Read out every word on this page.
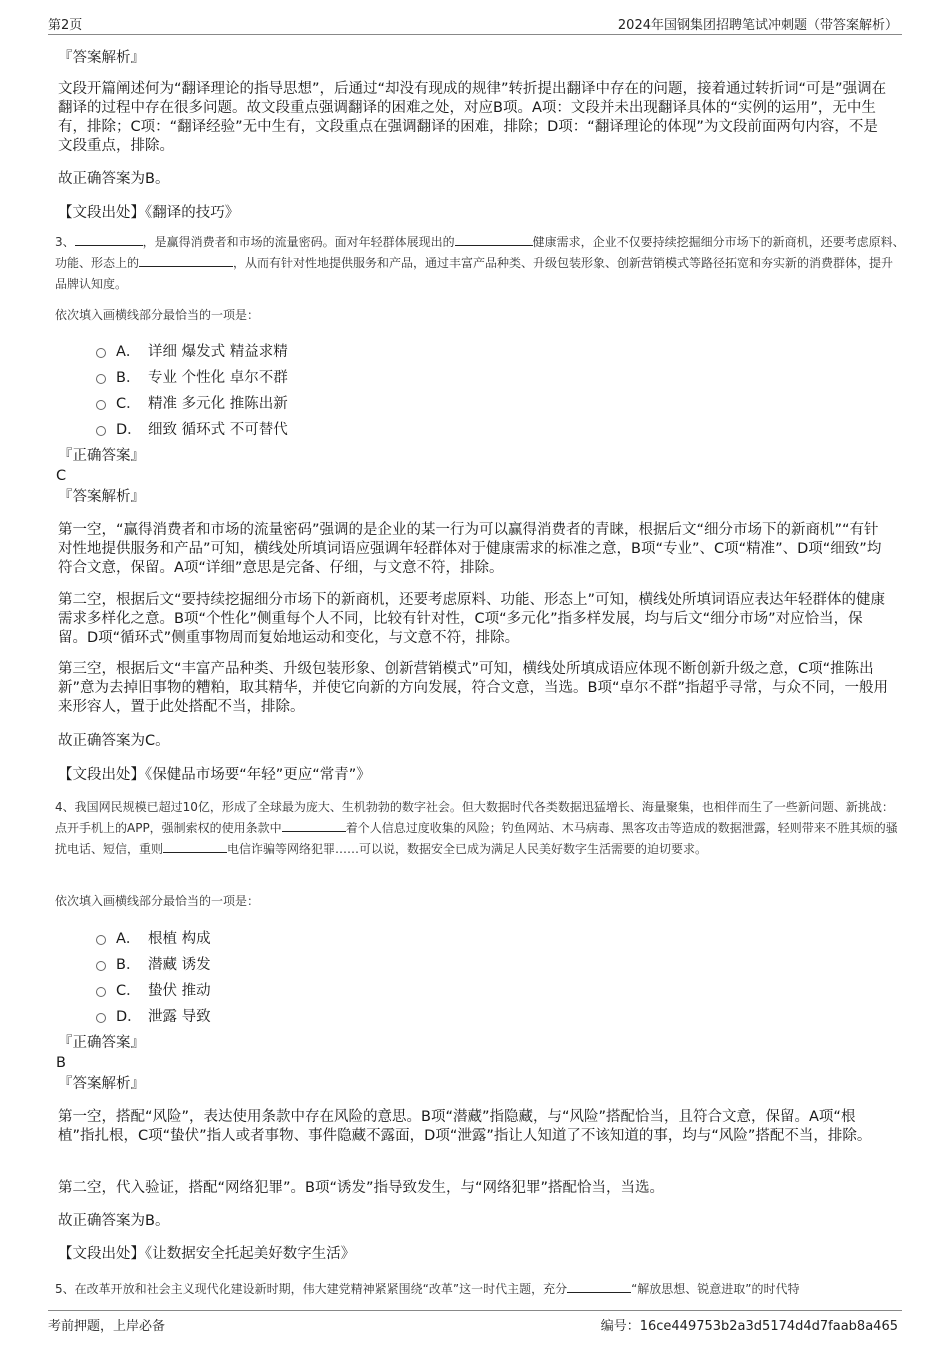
第2页	2024年国钢集团招聘笔试冲刺题（带答案解析）
『答案解析』
文段开篇阐述何为“翻译理论的指导思想”，后通过“却没有现成的规律”转折提出翻译中存在的问题，接着通过转折词“可是”强调在翻译的过程中存在很多问题。故文段重点强调翻译的困难之处，对应B项。A项：文段并未出现翻译具体的“实例的运用”，无中生有，排除；C项：“翻译经验”无中生有，文段重点在强调翻译的困难，排除；D项：“翻译理论的体现”为文段前面两句内容，不是文段重点，排除。
故正确答案为B。
【文段出处】《翻译的技巧》
3、	，是赢得消费者和市场的流量密码。面对年轻群体展现出的	健康需求，企业不仅要持续挖掘细分市场下的新商机，还要考虑原料、功能、形态上的	，从而有针对性地提供服务和产品，通过丰富产品种类、升级包装形象、创新营销模式等路径拓宽和夯实新的消费群体，提升品牌认知度。
依次填入画横线部分最恰当的一项是：
A． 详细 爆发式 精益求精
B． 专业 个性化 卓尔不群
C． 精准 多元化 推陈出新
D． 细致 循环式 不可替代
『正确答案』
C
『答案解析』
第一空，“赢得消费者和市场的流量密码”强调的是企业的某一行为可以赢得消费者的青睐，根据后文“细分市场下的新商机”“有针对性地提供服务和产品”可知，横线处所填词语应强调年轻群体对于健康需求的标准之意，B项“专业”、C项“精准”、D项“细致”均符合文意，保留。A项“详细”意思是完备、仔细，与文意不符，排除。
第二空，根据后文“要持续挖掘细分市场下的新商机，还要考虑原料、功能、形态上”可知，横线处所填词语应表达年轻群体的健康需求多样化之意。B项“个性化”侧重每个人不同，比较有针对性，C项“多元化”指多样发展，均与后文“细分市场”对应恰当，保留。D项“循环式”侧重事物周而复始地运动和变化，与文意不符，排除。
第三空，根据后文“丰富产品种类、升级包装形象、创新营销模式”可知，横线处所填成语应体现不断创新升级之意，C项“推陈出新”意为去掉旧事物的糟粕，取其精华，并使它向新的方向发展，符合文意，当选。B项“卓尔不群”指超乎寻常，与众不同，一般用来形容人，置于此处搭配不当，排除。
故正确答案为C。
【文段出处】《保健品市场要“年轻”更应“常青”》
4、我国网民规模已超过10亿，形成了全球最为庞大、生机勃勃的数字社会。但大数据时代各类数据迅猛增长、海量聚集，也相伴而生了一些新问题、新挑战：点开手机上的APP，强制索权的使用条款中	着个人信息过度收集的风险；钓鱼网站、木马病毒、黑客攻击等造成的数据泄露，轻则带来不胜其烦的骚扰电话、短信，重则	电信诈骗等网络犯罪……可以说，数据安全已成为满足人民美好数字生活需要的迫切要求。
依次填入画横线部分最恰当的一项是：
A． 根植 构成
B． 潜藏 诱发
C． 蛰伏 推动
D． 泄露 导致
『正确答案』
B
『答案解析』
第一空，搭配“风险”，表达使用条款中存在风险的意思。B项“潜藏”指隐藏，与“风险”搭配恰当，且符合文意，保留。A项“根植”指扎根，C项“蛰伏”指人或者事物、事件隐藏不露面，D项“泄露”指让人知道了不该知道的事，均与“风险”搭配不当，排除。
第二空，代入验证，搭配“网络犯罪”。B项“诱发”指导致发生，与“网络犯罪”搭配恰当，当选。
故正确答案为B。
【文段出处】《让数据安全托起美好数字生活》
5、在改革开放和社会主义现代化建设新时期，伟大建党精神紧紧围绕“改革”这一时代主题，充分	“解放思想、锐意进取”的时代特
考前押题，上岸必备	编号：16ce449753b2a3d5174d4d7faab8a465
